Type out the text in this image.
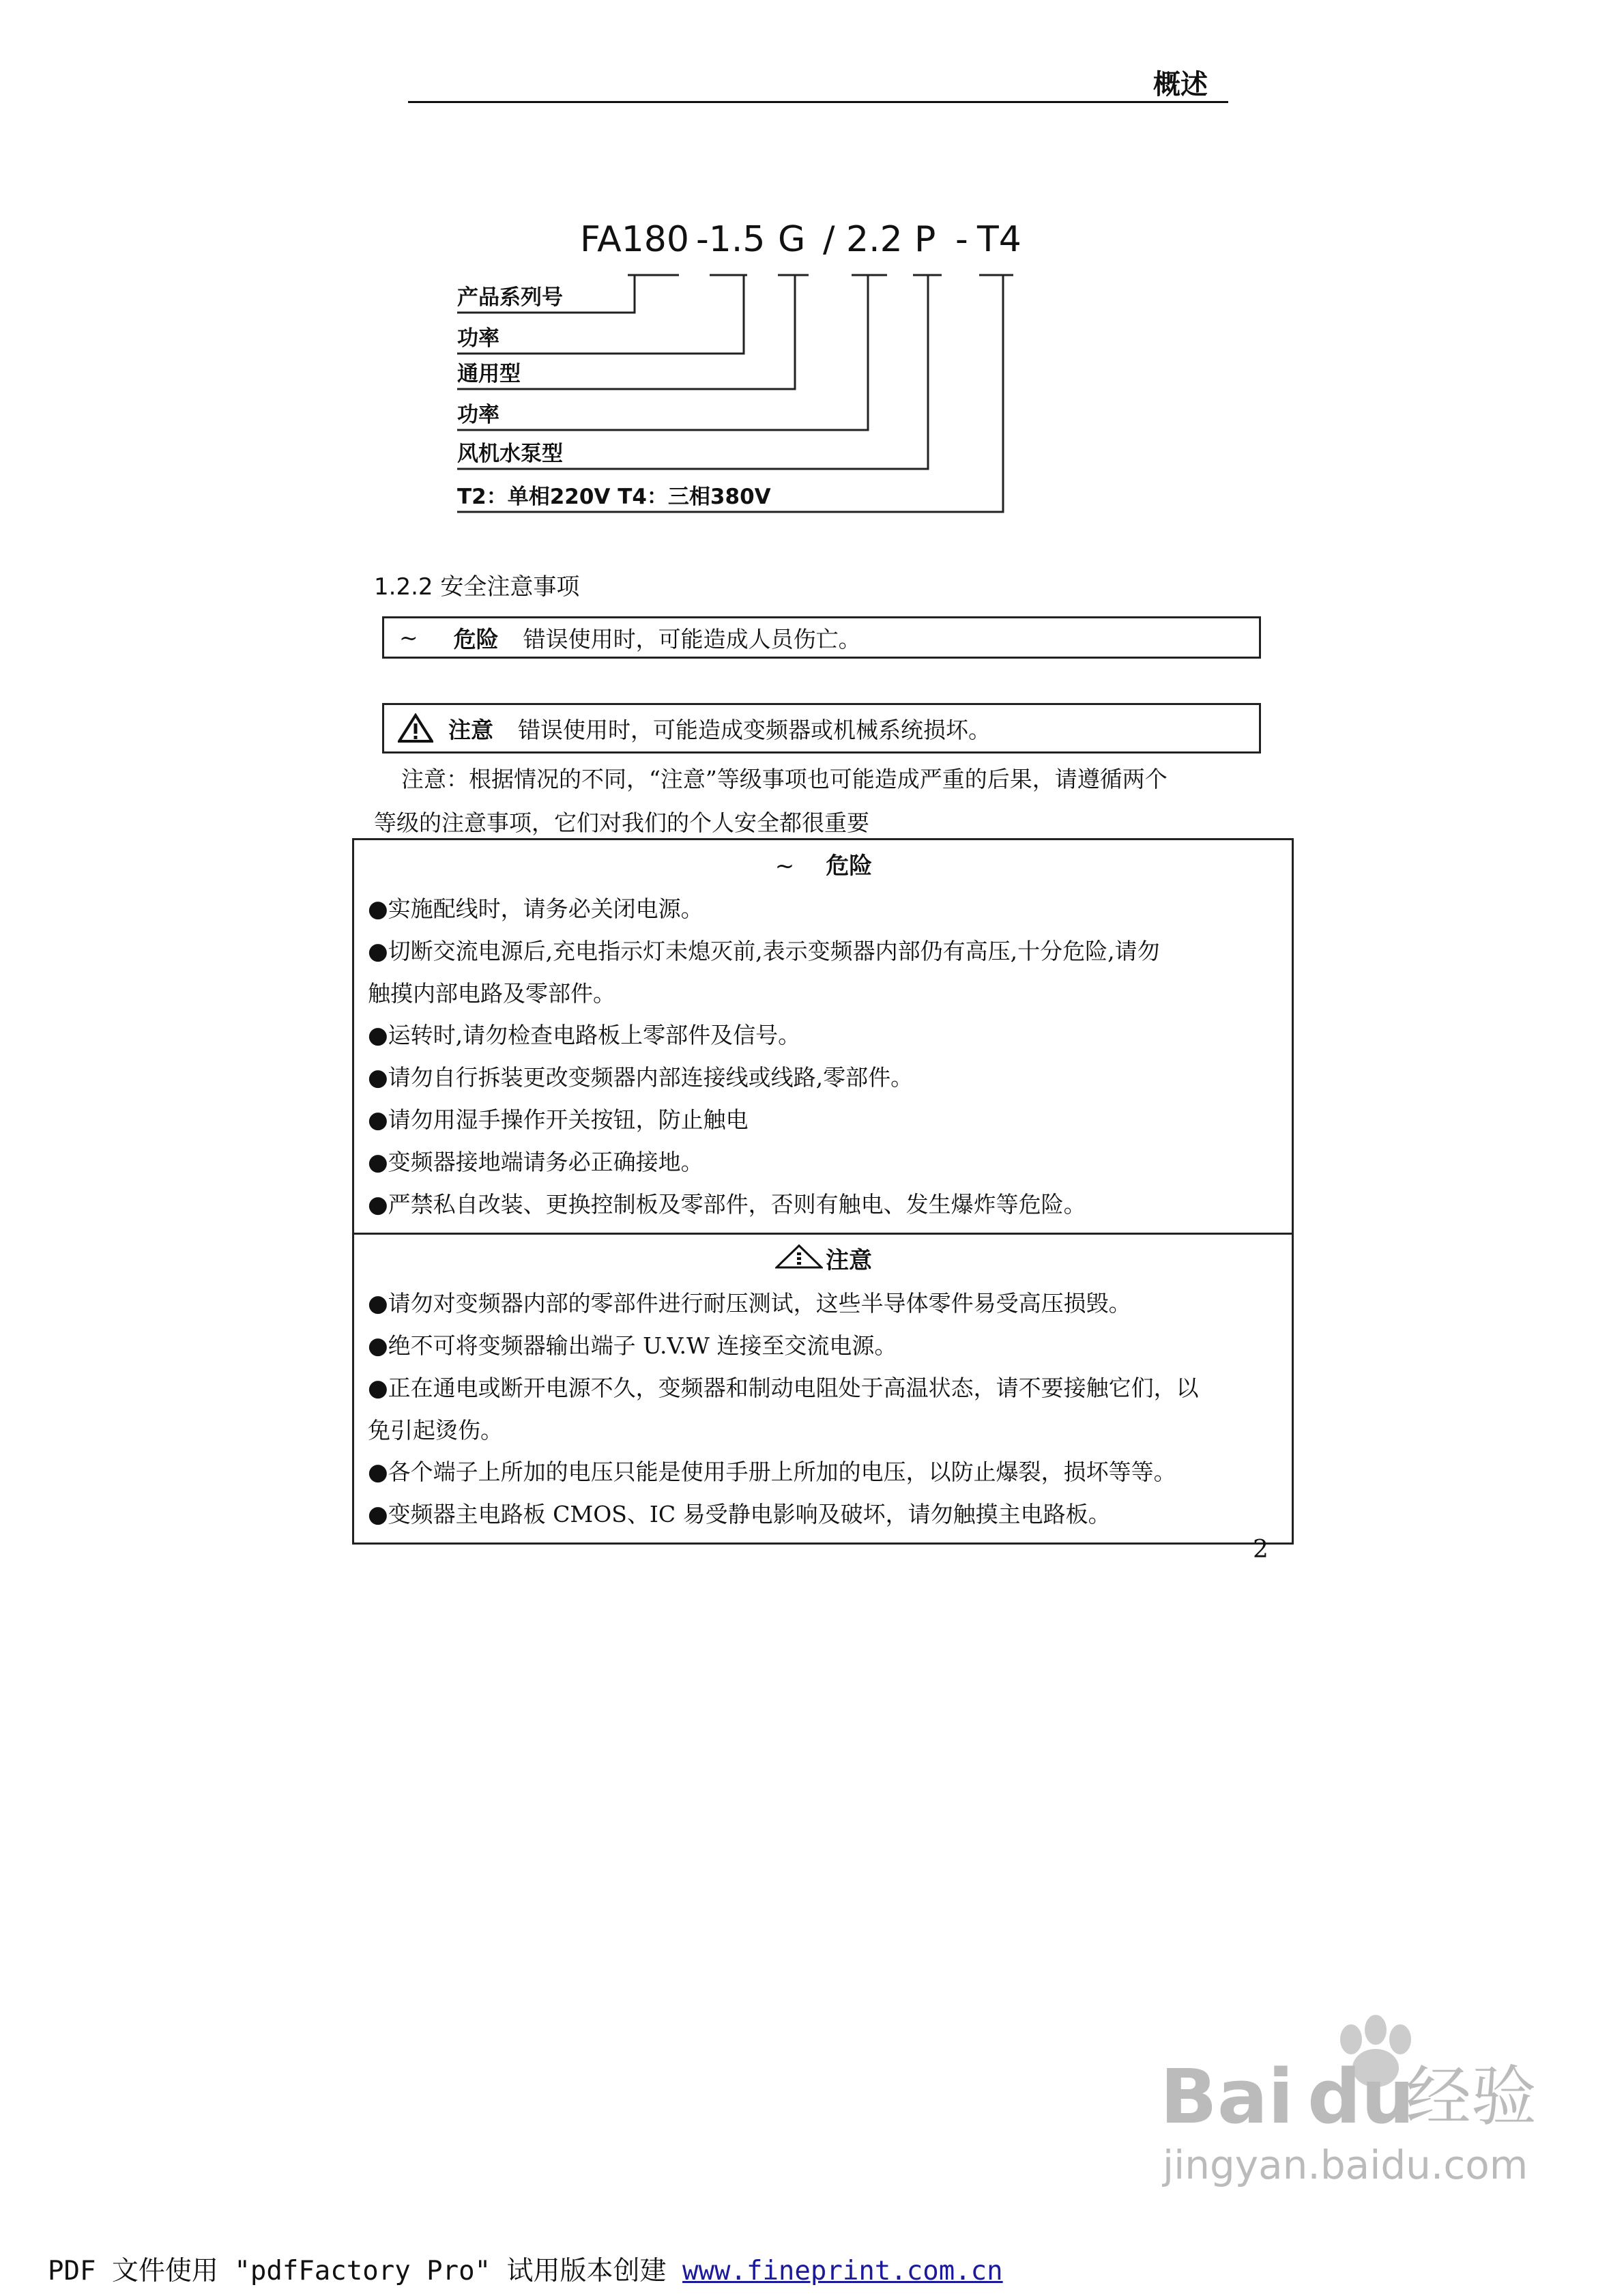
概述
FA180 -1.5 G / 2.2 P - T4
产品系列号
功率
通用型
功率
风机水泵型
T2：单相220V T4：三相380V
1.2.2 安全注意事项
~ 危险 错误使用时，可能造成人员伤亡。
注意 错误使用时，可能造成变频器或机械系统损坏。
注意：根据情况的不同，“注意”等级事项也可能造成严重的后果，请遵循两个
等级的注意事项，它们对我们的个人安全都很重要
~ 危险
●实施配线时，请务必关闭电源。
●切断交流电源后,充电指示灯未熄灭前,表示变频器内部仍有高压,十分危险,请勿
触摸内部电路及零部件。
●运转时,请勿检查电路板上零部件及信号。
●请勿自行拆装更改变频器内部连接线或线路,零部件。
●请勿用湿手操作开关按钮，防止触电
●变频器接地端请务必正确接地。
●严禁私自改装、更换控制板及零部件，否则有触电、发生爆炸等危险。
注意
●请勿对变频器内部的零部件进行耐压测试，这些半导体零件易受高压损毁。
●绝不可将变频器输出端子 U.V.W 连接至交流电源。
●正在通电或断开电源不久，变频器和制动电阻处于高温状态，请不要接触它们，以
免引起烫伤。
●各个端子上所加的电压只能是使用手册上所加的电压，以防止爆裂，损坏等等。
●变频器主电路板 CMOS、IC 易受静电影响及破坏，请勿触摸主电路板。
2
Bai du
经验
jingyan.baidu.com
PDF 文件使用 "pdfFactory Pro" 试用版本创建 www.fineprint.com.cn
